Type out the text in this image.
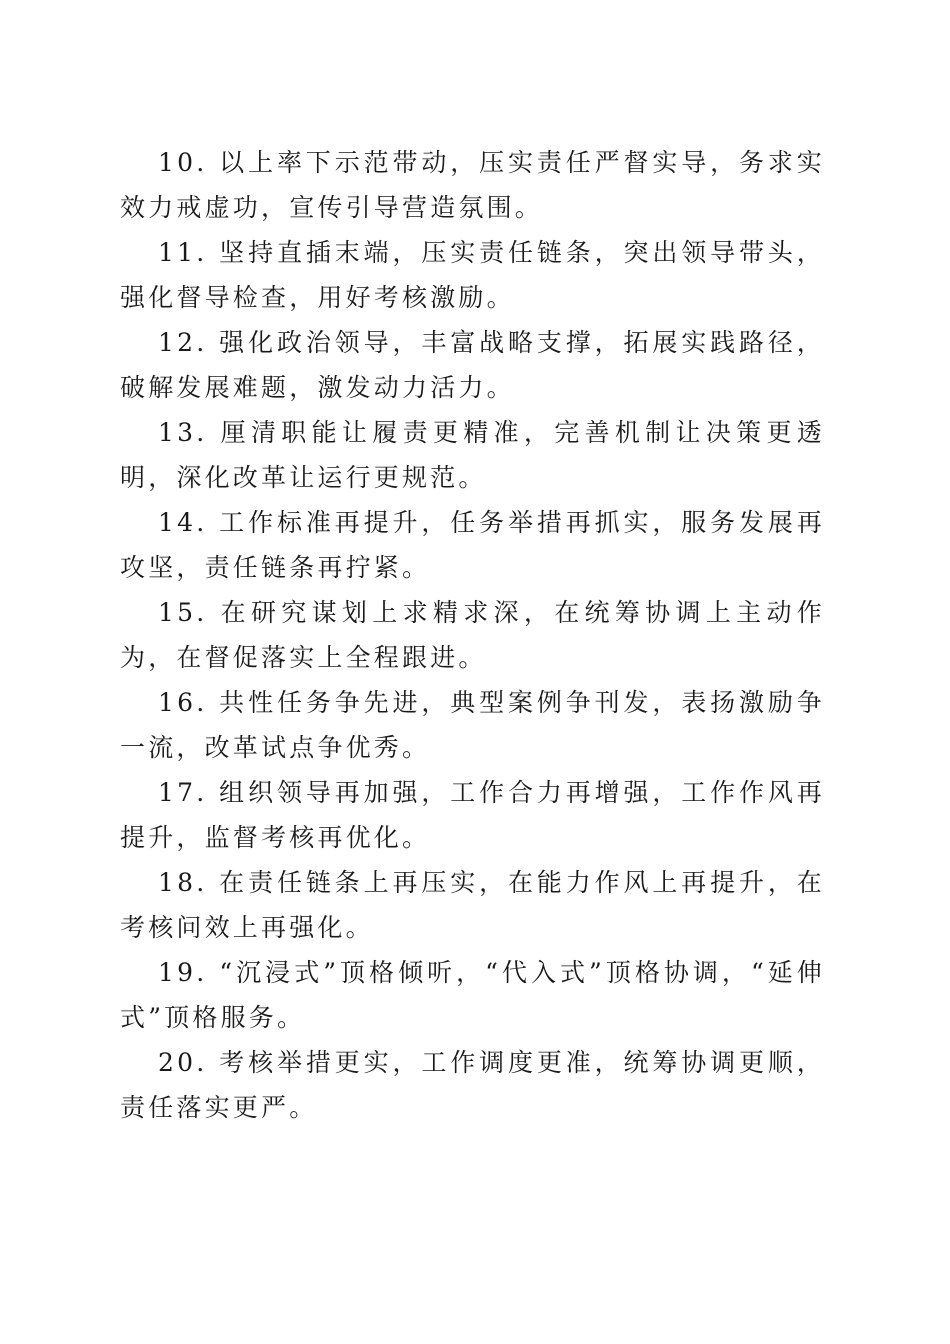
10. 以上率下示范带动，压实责任严督实导，务求实效力戒虚功，宣传引导营造氛围。

11. 坚持直插末端，压实责任链条，突出领导带头，强化督导检查，用好考核激励。

12. 强化政治领导，丰富战略支撑，拓展实践路径，破解发展难题，激发动力活力。

13. 厘清职能让履责更精准，完善机制让决策更透明，深化改革让运行更规范。

14. 工作标准再提升，任务举措再抓实，服务发展再攻坚，责任链条再拧紧。

15. 在研究谋划上求精求深，在统筹协调上主动作为，在督促落实上全程跟进。

16. 共性任务争先进，典型案例争刊发，表扬激励争一流，改革试点争优秀。

17. 组织领导再加强，工作合力再增强，工作作风再提升，监督考核再优化。

18. 在责任链条上再压实，在能力作风上再提升，在考核问效上再强化。

19. “沉浸式”顶格倾听，“代入式”顶格协调，“延伸式”顶格服务。

20. 考核举措更实，工作调度更准，统筹协调更顺，责任落实更严。
